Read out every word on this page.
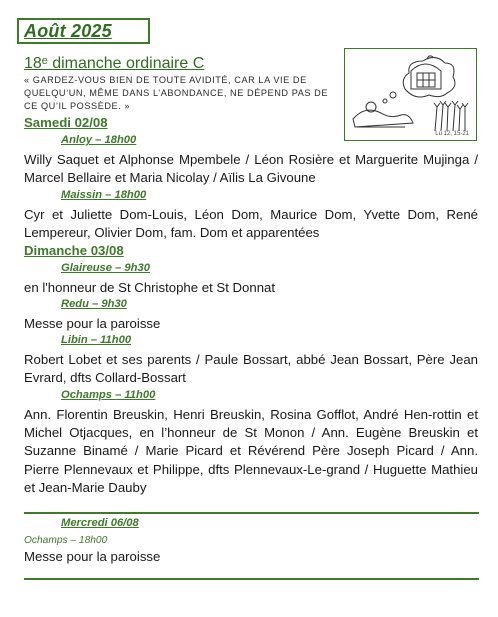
Août 2025
18ᵉ dimanche ordinaire C
« GARDEZ-VOUS BIEN DE TOUTE AVIDITÉ, CAR LA VIE DE QUELQU’UN, MÊME DANS L’ABONDANCE, NE DÉPEND PAS DE CE QU’IL POSSÈDE. »
Lu 12, 15-21
Samedi 02/08
Anloy – 18h00
Willy Saquet et Alphonse Mpembele / Léon Rosière et Marguerite Mujinga / Marcel Bellaire et Maria Nicolay / Aïlis La Givoune
Maissin – 18h00
Cyr et Juliette Dom-Louis, Léon Dom, Maurice Dom, Yvette Dom, René Lempereur, Olivier Dom, fam. Dom et apparentées
Dimanche 03/08
Glaireuse – 9h30
en l'honneur de St Christophe et St Donnat
Redu – 9h30
Messe pour la paroisse
Libin – 11h00
Robert Lobet et ses parents / Paule Bossart, abbé Jean Bossart, Père Jean Evrard, dfts Collard-Bossart
Ochamps – 11h00
Ann. Florentin Breuskin, Henri Breuskin, Rosina Gofflot, André Hen-rottin et Michel Otjacques, en l’honneur de St Monon / Ann. Eugène Breuskin et Suzanne Binamé / Marie Picard et Révérend Père Joseph Picard / Ann. Pierre Plennevaux et Philippe, dfts Plennevaux-Le-grand / Huguette Mathieu et Jean-Marie Dauby
Mercredi 06/08
Ochamps – 18h00
Messe pour la paroisse
